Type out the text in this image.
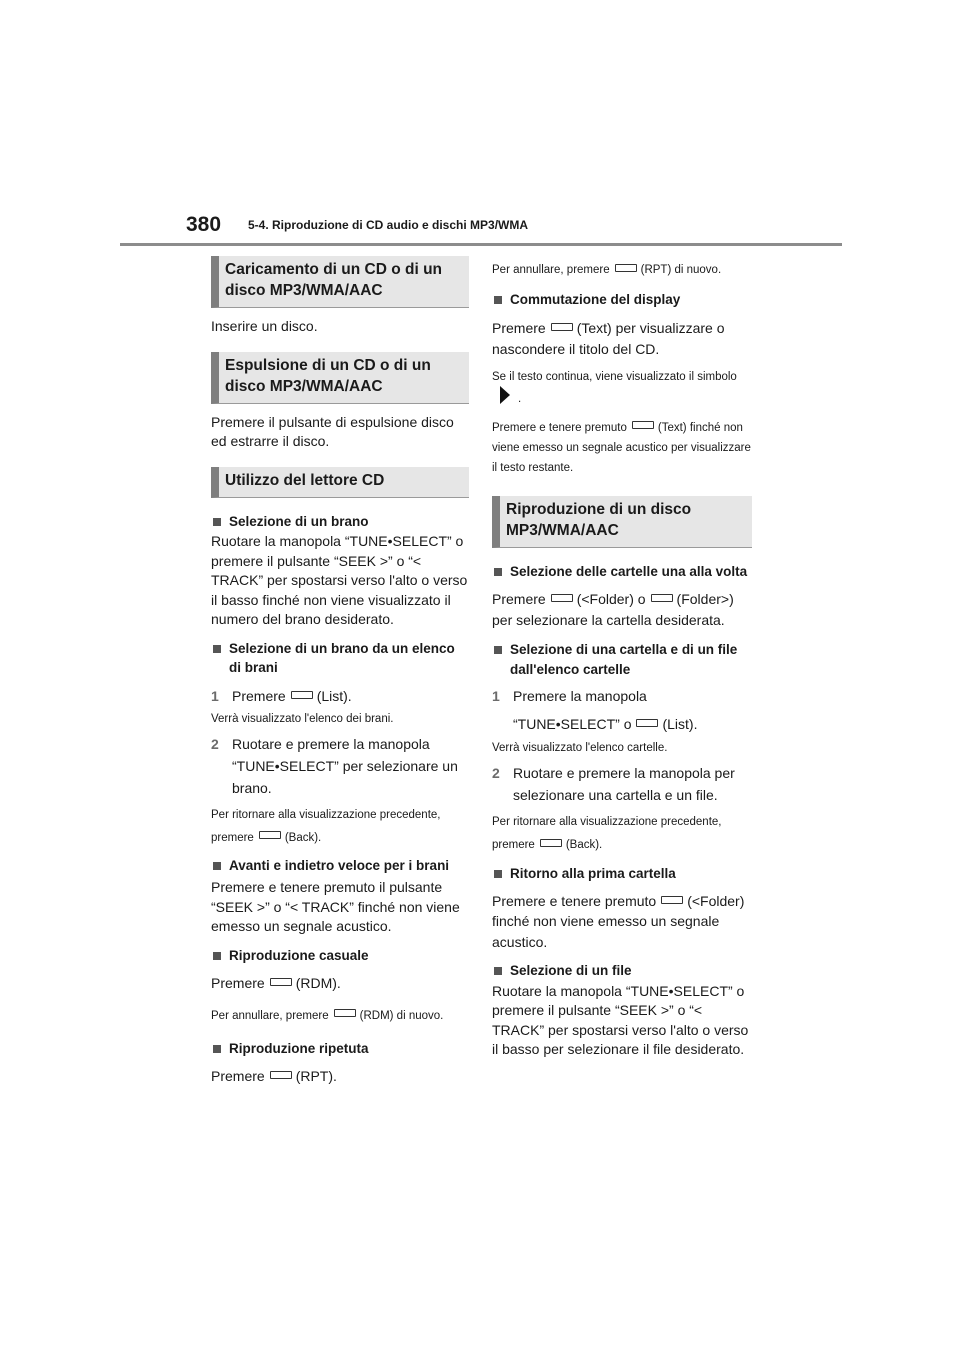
380 5-4. Riproduzione di CD audio e dischi MP3/WMA
Caricamento di un CD o di un disco MP3/WMA/AAC

Inserire un disco.

Espulsione di un CD o di un disco MP3/WMA/AAC

Premere il pulsante di espulsione disco ed estrarre il disco.

Utilizzo del lettore CD
Selezione di un brano

Ruotare la manopola “TUNE•SELECT” o premere il pulsante “SEEK >” o “< TRACK” per spostarsi verso l'alto o verso il basso finché non viene visualizzato il numero del brano desiderato.

Selezione di un brano da un elenco di brani
1 Premere (List).

Verrà visualizzato l'elenco dei brani.

2 Ruotare e premere la manopola “TUNE•SELECT” per selezionare un brano.

Per ritornare alla visualizzazione precedente, premere	(Back).

Avanti e indietro veloce per i brani

Premere e tenere premuto il pulsante “SEEK >” o “< TRACK” finché non viene emesso un segnale acustico.

Riproduzione casuale

Premere (RDM).

Per annullare, premere	(RDM) di nuovo.

Riproduzione ripetuta

Premere (RPT).

Per annullare, premere	(RPT) di nuovo.

Commutazione del display

Premere (Text) per visualizzare o nascondere il titolo del CD.

Se il testo continua, viene visualizzato il simbolo.

Premere e tenere premuto	(Text) finché non viene emesso un segnale acustico per visualizzare il testo restante.

Riproduzione di un disco MP3/WMA/AAC
Selezione delle cartelle una alla volta

Premere (<Folder) o (Folder>) per selezionare la cartella desiderata.

Selezione di una cartella e di un file dall'elenco cartelle
1 Premere la manopola “TUNE•SELECT” o (List).

Verrà visualizzato l'elenco cartelle.

2 Ruotare e premere la manopola per selezionare una cartella e un file.

Per ritornare alla visualizzazione precedente, premere	(Back).

Ritorno alla prima cartella

Premere e tenere premuto (<Folder) finché non viene emesso un segnale acustico.

Selezione di un file

Ruotare la manopola “TUNE•SELECT” o premere il pulsante “SEEK >” o “< TRACK” per spostarsi verso l'alto o verso il basso per selezionare il file desiderato.
